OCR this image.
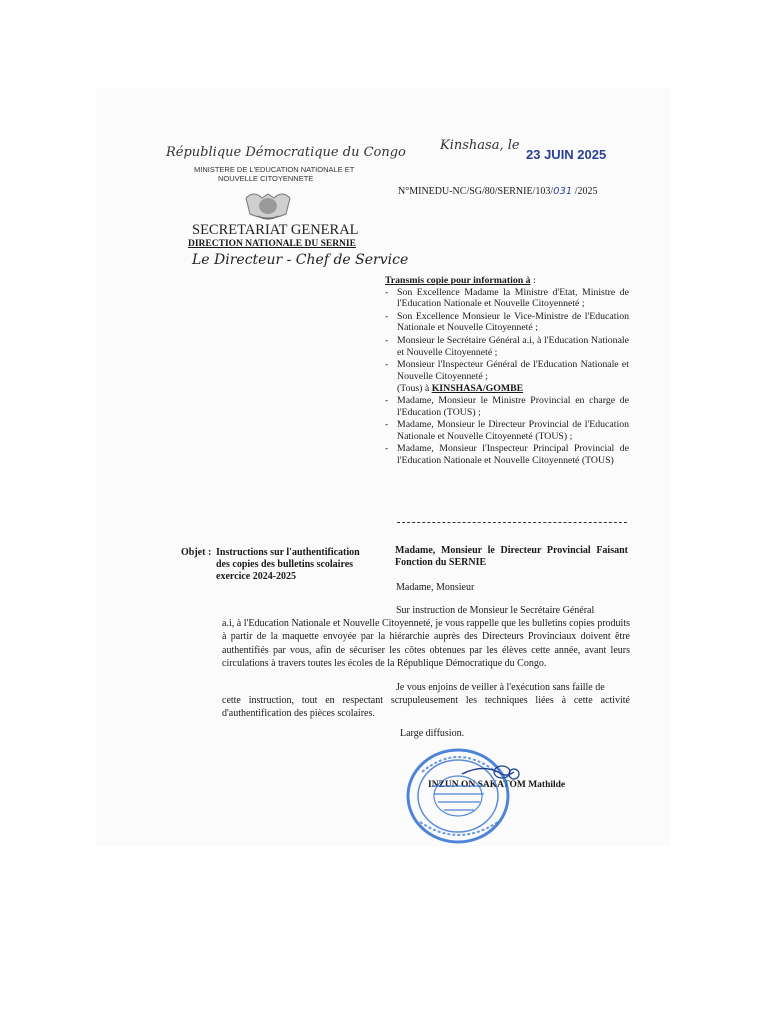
République Démocratique du Congo
MINISTERE DE L'EDUCATION NATIONALE ET
NOUVELLE CITOYENNETE
SECRETARIAT GENERAL
DIRECTION NATIONALE DU SERNIE
Le Directeur - Chef de Service
Kinshasa, le
23 JUIN 2025
N°MINEDU-NC/SG/80/SERNIE/103/031 /2025
Transmis copie pour information à :
- Son Excellence Madame la Ministre d'Etat, Ministre de l'Education Nationale et Nouvelle Citoyenneté ;
- Son Excellence Monsieur le Vice-Ministre de l'Education Nationale et Nouvelle Citoyenneté ;
- Monsieur le Secrétaire Général a.i, à l'Education Nationale et Nouvelle Citoyenneté ;
- Monsieur l'Inspecteur Général de l'Education Nationale et Nouvelle Citoyenneté ;
(Tous) à KINSHASA/GOMBE
- Madame, Monsieur le Ministre Provincial en charge de l'Education (TOUS) ;
- Madame, Monsieur le Directeur Provincial de l'Education Nationale et Nouvelle Citoyenneté (TOUS) ;
- Madame, Monsieur l'Inspecteur Principal Provincial de l'Education Nationale et Nouvelle Citoyenneté (TOUS)
Objet : Instructions sur l'authentification des copies des bulletins scolaires exercice 2024-2025
Madame, Monsieur le Directeur Provincial Faisant Fonction du SERNIE
Madame, Monsieur

Sur instruction de Monsieur le Secrétaire Général

a.i, à l'Education Nationale et Nouvelle Citoyenneté, je vous rappelle que les bulletins copies produits à partir de la maquette envoyée par la hiérarchie auprès des Directeurs Provinciaux doivent être authentifiés par vous, afin de sécuriser les côtes obtenues par les élèves cette année, avant leurs circulations à travers toutes les écoles de la République Démocratique du Congo.

Je vous enjoins de veiller à l'exécution sans faille de

cette instruction, tout en respectant scrupuleusement les techniques liées à cette activité d'authentification des pièces scolaires.

Large diffusion.

INZUN ON SAKATOM Mathilde
